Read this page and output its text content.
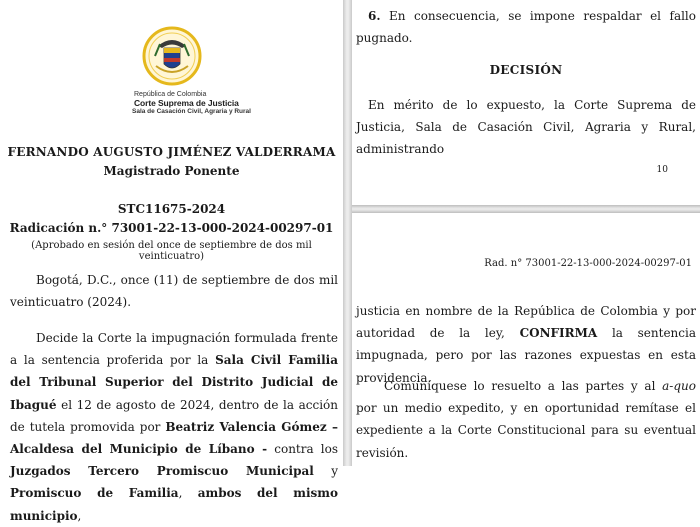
República de Colombia
Corte Suprema de Justicia
Sala de Casación Civil, Agraria y Rural
FERNANDO AUGUSTO JIMÉNEZ VALDERRAMA
Magistrado Ponente
STC11675-2024
Radicación n.° 73001-22-13-000-2024-00297-01
(Aprobado en sesión del once de septiembre de dos mil veinticuatro)
Bogotá, D.C., once (11) de septiembre de dos mil veinticuatro (2024).
Decide la Corte la impugnación formulada frente a la sentencia proferida por la Sala Civil Familia del Tribunal Superior del Distrito Judicial de Ibagué el 12 de agosto de 2024, dentro de la acción de tutela promovida por Beatriz Valencia Gómez –Alcaldesa del Municipio de Líbano - contra los Juzgados Tercero Promiscuo Municipal y Promiscuo de Familia, ambos del mismo municipio,
6. En consecuencia, se impone respaldar el fallo pugnado.
DECISIÓN
En mérito de lo expuesto, la Corte Suprema de Justicia, Sala de Casación Civil, Agraria y Rural, administrando
10
Rad. n° 73001-22-13-000-2024-00297-01
justicia en nombre de la República de Colombia y por autoridad de la ley, CONFIRMA la sentencia impugnada, pero por las razones expuestas en esta providencia.
Comuníquese lo resuelto a las partes y al a-quo por un medio expedito, y en oportunidad remítase el expediente a la Corte Constitucional para su eventual revisión.
